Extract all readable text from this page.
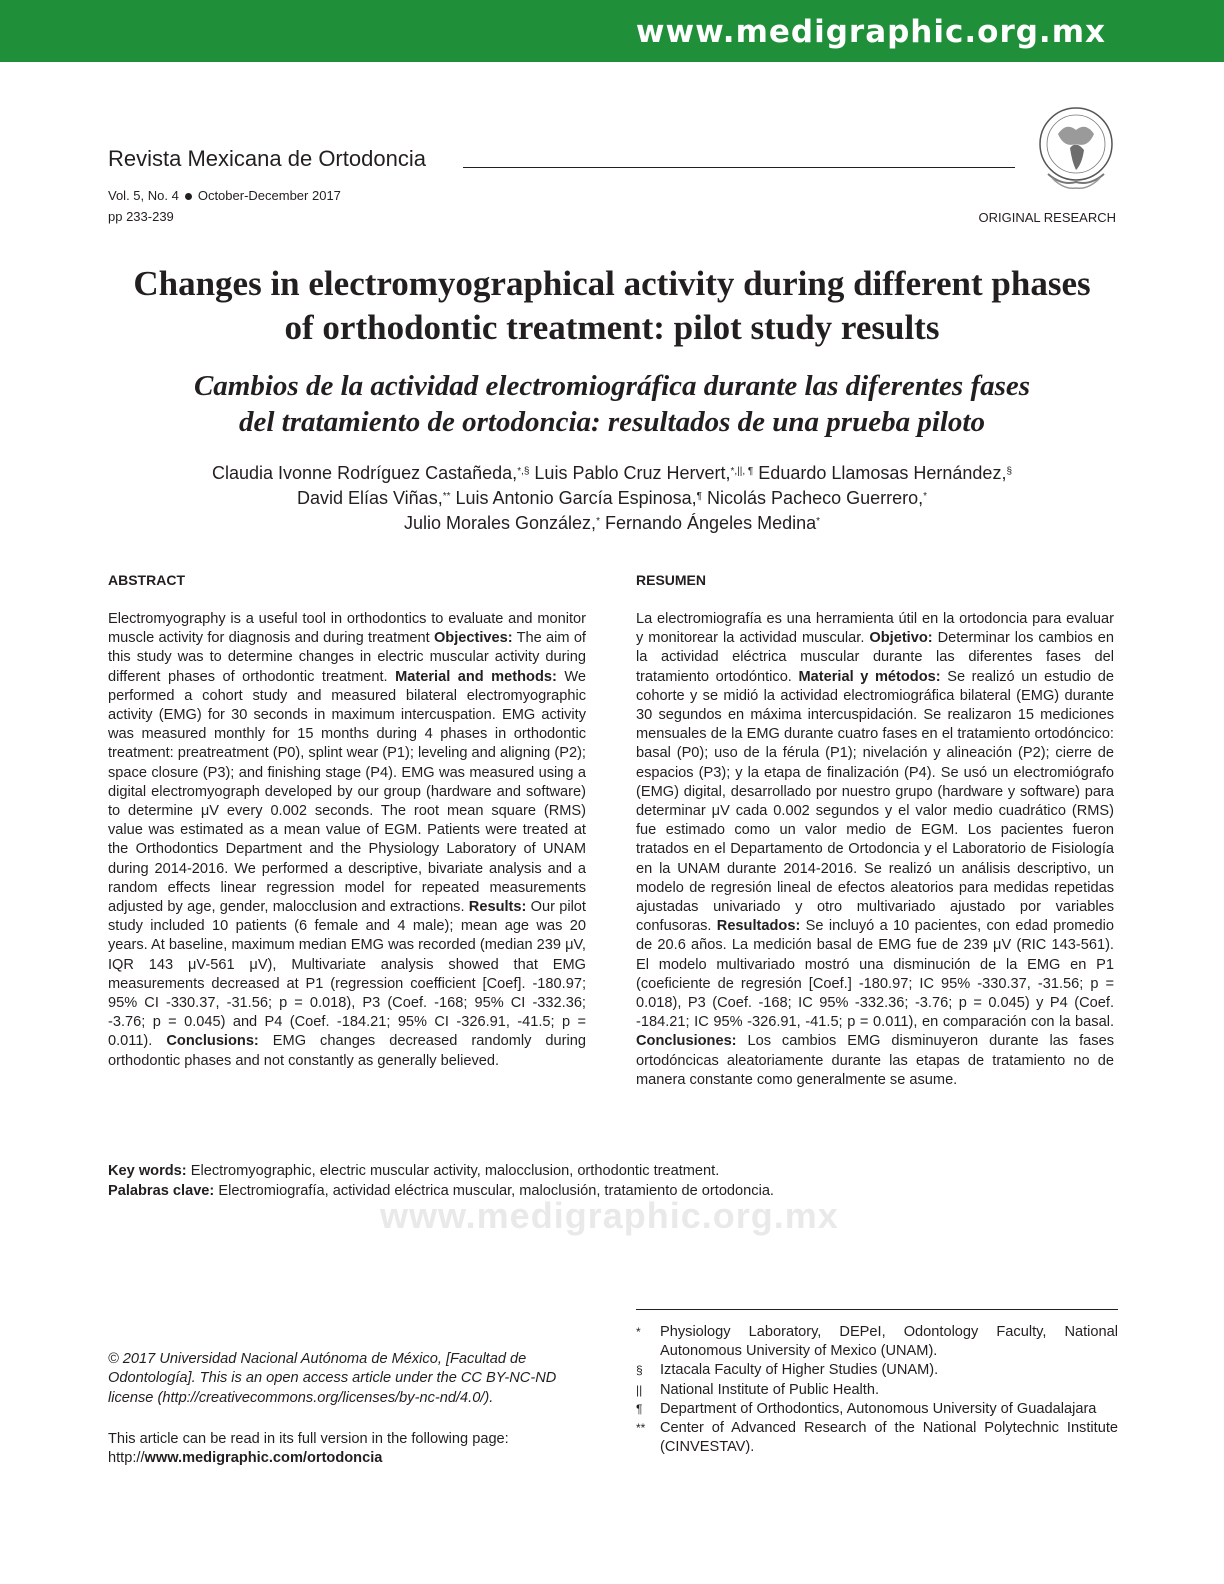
www.medigraphic.org.mx
Revista Mexicana de Ortodoncia
Vol. 5, No. 4 October-December 2017
pp 233-239	ORIGINAL RESEARCH
Changes in electromyographical activity during different phases
of orthodontic treatment: pilot study results
Cambios de la actividad electromiográfica durante las diferentes fases
del tratamiento de ortodoncia: resultados de una prueba piloto
Claudia Ivonne Rodríguez Castañeda,*,§ Luis Pablo Cruz Hervert,*,||, ¶ Eduardo Llamosas Hernández,§
David Elías Viñas,** Luis Antonio García Espinosa,¶ Nicolás Pacheco Guerrero,*
Julio Morales González,* Fernando Ángeles Medina*
ABSTRACT
Electromyography is a useful tool in orthodontics to evaluate and monitor muscle activity for diagnosis and during treatment Objectives: The aim of this study was to determine changes in electric muscular activity during different phases of orthodontic treatment. Material and methods: We performed a cohort study and measured bilateral electromyographic activity (EMG) for 30 seconds in maximum intercuspation. EMG activity was measured monthly for 15 months during 4 phases in orthodontic treatment: preatreatment (P0), splint wear (P1); leveling and aligning (P2); space closure (P3); and finishing stage (P4). EMG was measured using a digital electromyograph developed by our group (hardware and software) to determine μV every 0.002 seconds. The root mean square (RMS) value was estimated as a mean value of EGM. Patients were treated at the Orthodontics Department and the Physiology Laboratory of UNAM during 2014-2016. We performed a descriptive, bivariate analysis and a random effects linear regression model for repeated measurements adjusted by age, gender, malocclusion and extractions. Results: Our pilot study included 10 patients (6 female and 4 male); mean age was 20 years. At baseline, maximum median EMG was recorded (median 239 μV, IQR 143 μV-561 μV), Multivariate analysis showed that EMG measurements decreased at P1 (regression coefficient [Coef]. -180.97; 95% CI -330.37, -31.56; p = 0.018), P3 (Coef. -168; 95% CI -332.36; -3.76; p = 0.045) and P4 (Coef. -184.21; 95% CI -326.91, -41.5; p = 0.011). Conclusions: EMG changes decreased randomly during orthodontic phases and not constantly as generally believed.
RESUMEN
La electromiografía es una herramienta útil en la ortodoncia para evaluar y monitorear la actividad muscular. Objetivo: Determinar los cambios en la actividad eléctrica muscular durante las diferentes fases del tratamiento ortodóntico. Material y métodos: Se realizó un estudio de cohorte y se midió la actividad electromiográfica bilateral (EMG) durante 30 segundos en máxima intercuspidación. Se realizaron 15 mediciones mensuales de la EMG durante cuatro fases en el tratamiento ortodóncico: basal (P0); uso de la férula (P1); nivelación y alineación (P2); cierre de espacios (P3); y la etapa de finalización (P4). Se usó un electromiógrafo (EMG) digital, desarrollado por nuestro grupo (hardware y software) para determinar μV cada 0.002 segundos y el valor medio cuadrático (RMS) fue estimado como un valor medio de EGM. Los pacientes fueron tratados en el Departamento de Ortodoncia y el Laboratorio de Fisiología en la UNAM durante 2014-2016. Se realizó un análisis descriptivo, un modelo de regresión lineal de efectos aleatorios para medidas repetidas ajustadas univariado y otro multivariado ajustado por variables confusoras. Resultados: Se incluyó a 10 pacientes, con edad promedio de 20.6 años. La medición basal de EMG fue de 239 μV (RIC 143-561). El modelo multivariado mostró una disminución de la EMG en P1 (coeficiente de regresión [Coef.] -180.97; IC 95% -330.37, -31.56; p = 0.018), P3 (Coef. -168; IC 95% -332.36; -3.76; p = 0.045) y P4 (Coef. -184.21; IC 95% -326.91, -41.5; p = 0.011), en comparación con la basal. Conclusiones: Los cambios EMG disminuyeron durante las fases ortodóncicas aleatoriamente durante las etapas de tratamiento no de manera constante como generalmente se asume.
Key words: Electromyographic, electric muscular activity, malocclusion, orthodontic treatment.
Palabras clave: Electromiografía, actividad eléctrica muscular, maloclusión, tratamiento de ortodoncia.
www.medigraphic.org.mx
© 2017 Universidad Nacional Autónoma de México, [Facultad de Odontología]. This is an open access article under the CC BY-NC-ND license (http://creativecommons.org/licenses/by-nc-nd/4.0/).
This article can be read in its full version in the following page:
http://www.medigraphic.com/ortodoncia
*	Physiology Laboratory, DEPeI, Odontology Faculty, National Autonomous University of Mexico (UNAM).
§	Iztacala Faculty of Higher Studies (UNAM).
||	National Institute of Public Health.
¶	Department of Orthodontics, Autonomous University of Guadalajara
**	Center of Advanced Research of the National Polytechnic Institute (CINVESTAV).
